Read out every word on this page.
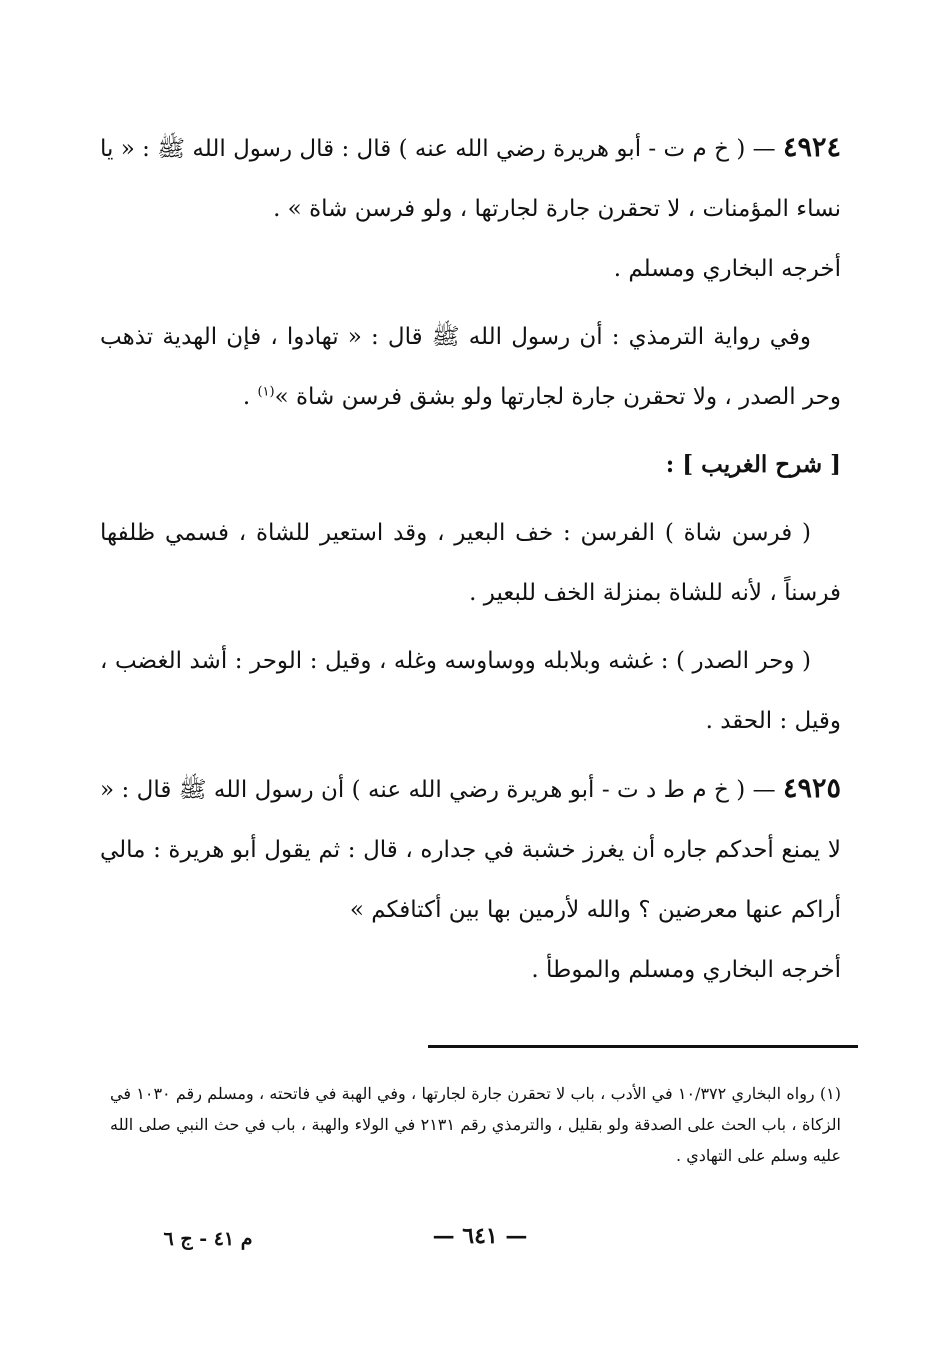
٤٩٢٤ — ( خ م ت - أبو هريرة رضي الله عنه ) قال : قال رسول الله ﷺ : « يا نساء المؤمنات ، لا تحقرن جارة لجارتها ، ولو فرسن شاة » .
أخرجه البخاري ومسلم .

وفي رواية الترمذي : أن رسول الله ﷺ قال : « تهادوا ، فإن الهدية تذهب وحر الصدر ، ولا تحقرن جارة لجارتها ولو بشق فرسن شاة »$^{(١)}$ .

[ شرح الغريب ] :

( فرسن شاة ) الفرسن : خف البعير ، وقد استعير للشاة ، فسمي ظلفها فرسناً ، لأنه للشاة بمنزلة الخف للبعير .

( وحر الصدر ) : غشه وبلابله ووساوسه وغله ، وقيل : الوحر : أشد الغضب ، وقيل : الحقد .

٤٩٢٥ — ( خ م ط د ت - أبو هريرة رضي الله عنه ) أن رسول الله ﷺ قال : « لا يمنع أحدكم جاره أن يغرز خشبة في جداره ، قال : ثم يقول أبو هريرة : مالي أراكم عنها معرضين ؟ والله لأرمين بها بين أكتافكم »
أخرجه البخاري ومسلم والموطأ .

(١) رواه البخاري ١٠/٣٧٢ في الأدب ، باب لا تحقرن جارة لجارتها ، وفي الهبة في فاتحته ، ومسلم رقم ١٠٣٠ في الزكاة ، باب الحث على الصدقة ولو بقليل ، والترمذي رقم ٢١٣١ في الولاء والهبة ، باب في حث النبي صلى الله عليه وسلم على التهادي .
— ٦٤١ —
م ٤١ - ج ٦
